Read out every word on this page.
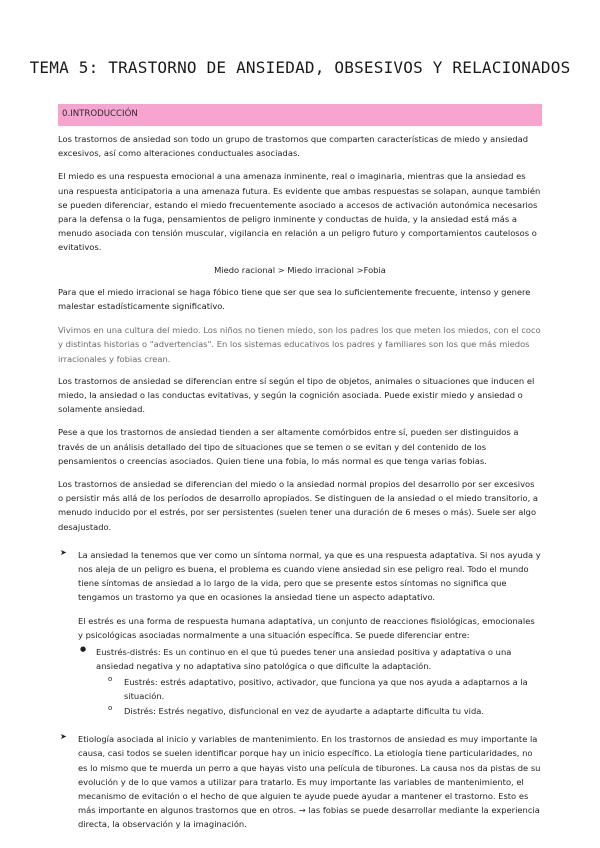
TEMA 5: TRASTORNO DE ANSIEDAD, OBSESIVOS Y RELACIONADOS
0.INTRODUCCIÓN

Los trastornos de ansiedad son todo un grupo de trastornos que comparten características de miedo y ansiedad excesivos, así como alteraciones conductuales asociadas.

El miedo es una respuesta emocional a una amenaza inminente, real o imaginaria, mientras que la ansiedad es una respuesta anticipatoria a una amenaza futura. Es evidente que ambas respuestas se solapan, aunque también se pueden diferenciar, estando el miedo frecuentemente asociado a accesos de activación autonómica necesarios para la defensa o la fuga, pensamientos de peligro inminente y conductas de huida, y la ansiedad está más a menudo asociada con tensión muscular, vigilancia en relación a un peligro futuro y comportamientos cautelosos o evitativos.

Miedo racional > Miedo irracional >Fobia

Para que el miedo irracional se haga fóbico tiene que ser que sea lo suficientemente frecuente, intenso y genere malestar estadísticamente significativo.

Vivimos en una cultura del miedo. Los niños no tienen miedo, son los padres los que meten los miedos, con el coco y distintas historias o "advertencias". En los sistemas educativos los padres y familiares son los que más miedos irracionales y fobias crean.

Los trastornos de ansiedad se diferencian entre sí según el tipo de objetos, animales o situaciones que inducen el miedo, la ansiedad o las conductas evitativas, y según la cognición asociada. Puede existir miedo y ansiedad o solamente ansiedad.

Pese a que los trastornos de ansiedad tienden a ser altamente comórbidos entre sí, pueden ser distinguidos a través de un análisis detallado del tipo de situaciones que se temen o se evitan y del contenido de los pensamientos o creencias asociados. Quien tiene una fobia, lo más normal es que tenga varias fobias.

Los trastornos de ansiedad se diferencian del miedo o la ansiedad normal propios del desarrollo por ser excesivos o persistir más allá de los períodos de desarrollo apropiados. Se distinguen de la ansiedad o el miedo transitorio, a menudo inducido por el estrés, por ser persistentes (suelen tener una duración de 6 meses o más). Suele ser algo desajustado.

➤ La ansiedad la tenemos que ver como un síntoma normal, ya que es una respuesta adaptativa. Si nos ayuda y nos aleja de un peligro es buena, el problema es cuando viene ansiedad sin ese peligro real. Todo el mundo tiene síntomas de ansiedad a lo largo de la vida, pero que se presente estos síntomas no significa que tengamos un trastorno ya que en ocasiones la ansiedad tiene un aspecto adaptativo.

El estrés es una forma de respuesta humana adaptativa, un conjunto de reacciones fisiológicas, emocionales y psicológicas asociadas normalmente a una situación específica. Se puede diferenciar entre:

● Eustrés-distrés: Es un continuo en el que tú puedes tener una ansiedad positiva y adaptativa o una ansiedad negativa y no adaptativa sino patológica o que dificulte la adaptación.

o Eustrés: estrés adaptativo, positivo, activador, que funciona ya que nos ayuda a adaptarnos a la situación.

o Distrés: Estrés negativo, disfuncional en vez de ayudarte a adaptarte dificulta tu vida.

➤ Etiología asociada al inicio y variables de mantenimiento. En los trastornos de ansiedad es muy importante la causa, casi todos se suelen identificar porque hay un inicio específico. La etiología tiene particularidades, no es lo mismo que te muerda un perro a que hayas visto una película de tiburones. La causa nos da pistas de su evolución y de lo que vamos a utilizar para tratarlo. Es muy importante las variables de mantenimiento, el mecanismo de evitación o el hecho de que alguien te ayude puede ayudar a mantener el trastorno. Esto es más importante en algunos trastornos que en otros. → las fobias se puede desarrollar mediante la experiencia directa, la observación y la imaginación.
